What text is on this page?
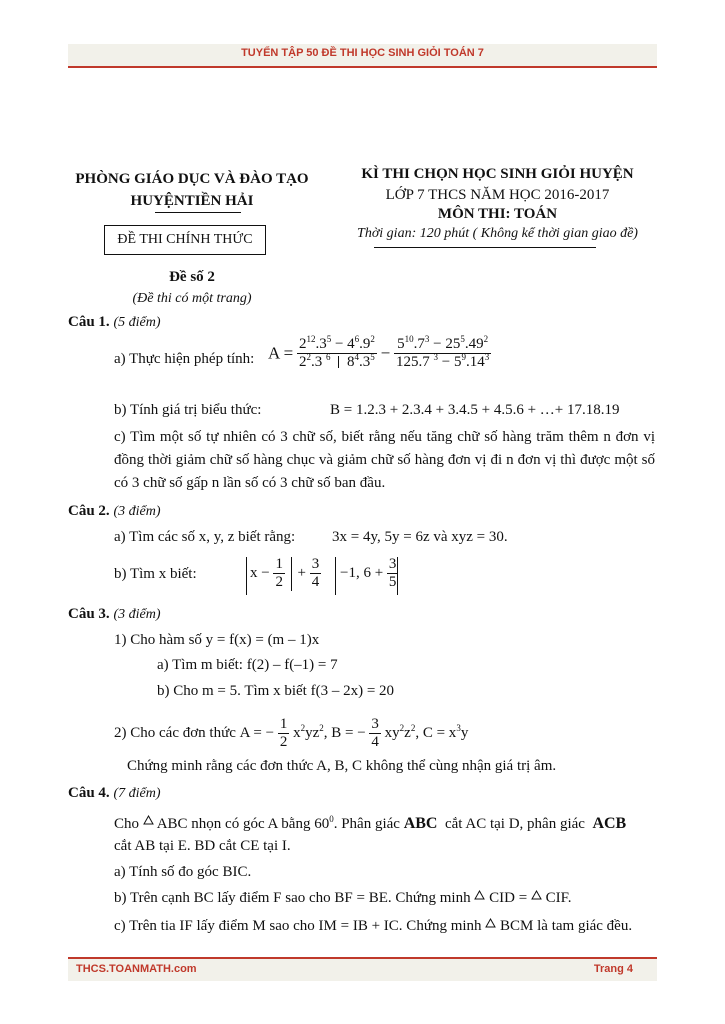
TUYỂN TẬP 50 ĐỀ THI HỌC SINH GIỎI TOÁN 7
PHÒNG GIÁO DỤC VÀ ĐÀO TẠO
HUYỆNTIỀN HẢI
ĐỀ THI CHÍNH THỨC
Đề số 2
(Đề thi có một trang)
KÌ THI CHỌN HỌC SINH GIỎI HUYỆN
LỚP 7 THCS NĂM HỌC 2016-2017
MÔN THI: TOÁN
Thời gian: 120 phút ( Không kể thời gian giao đề)
Câu 1. (5 điểm)
a) Thực hiện phép tính: $A = \frac{2^{12}.3^5 - 4^6.9^2}{2^2.3 ^6 8^4.3^5} - \frac{5^{10}.7^3 - 25^5.49^2}{125.7 ^3 - 5^9.14^3}$
b) Tính giá trị biểu thức:	B = 1.2.3 + 2.3.4 + 3.4.5 + 4.5.6 + …+ 17.18.19
c) Tìm một số tự nhiên có 3 chữ số, biết rằng nếu tăng chữ số hàng trăm thêm n đơn vị đồng thời giảm chữ số hàng chục và giảm chữ số hàng đơn vị đi n đơn vị thì được một số có 3 chữ số gấp n lần số có 3 chữ số ban đầu.
Câu 2. (3 điểm)
a) Tìm các số x, y, z biết rằng: 3x = 4y, 5y = 6z và xyz = 30.
b) Tìm x biết:	$x - \frac{1}{2} + \frac{3}{4} -1$, $6 + \frac{3}{5}$
Câu 3. (3 điểm)
1) Cho hàm số y = f(x) = (m – 1)x
a) Tìm m biết: f(2) – f(–1) = 7
b) Cho m = 5. Tìm x biết f(3 – 2x) = 20
2) Cho các đơn thức A = − $\frac{1}{2} x^2yz^2$, B = − $\frac{3}{4} xy^2z^2$, $C = x^3y$
Chứng minh rằng các đơn thức A, B, C không thể cùng nhận giá trị âm.
Câu 4. (7 điểm)
Cho ABC nhọn có góc A bằng $60^0$. Phân giác ABC cắt AC tại D, phân giác ACB
cắt AB tại E. BD cắt CE tại I.
a) Tính số đo góc BIC.
b) Trên cạnh BC lấy điểm F sao cho BF = BE. Chứng minh CID = CIF.
c) Trên tia IF lấy điểm M sao cho IM = IB + IC. Chứng minh BCM là tam giác đều.
THCS.TOANMATH.com	Trang 4
